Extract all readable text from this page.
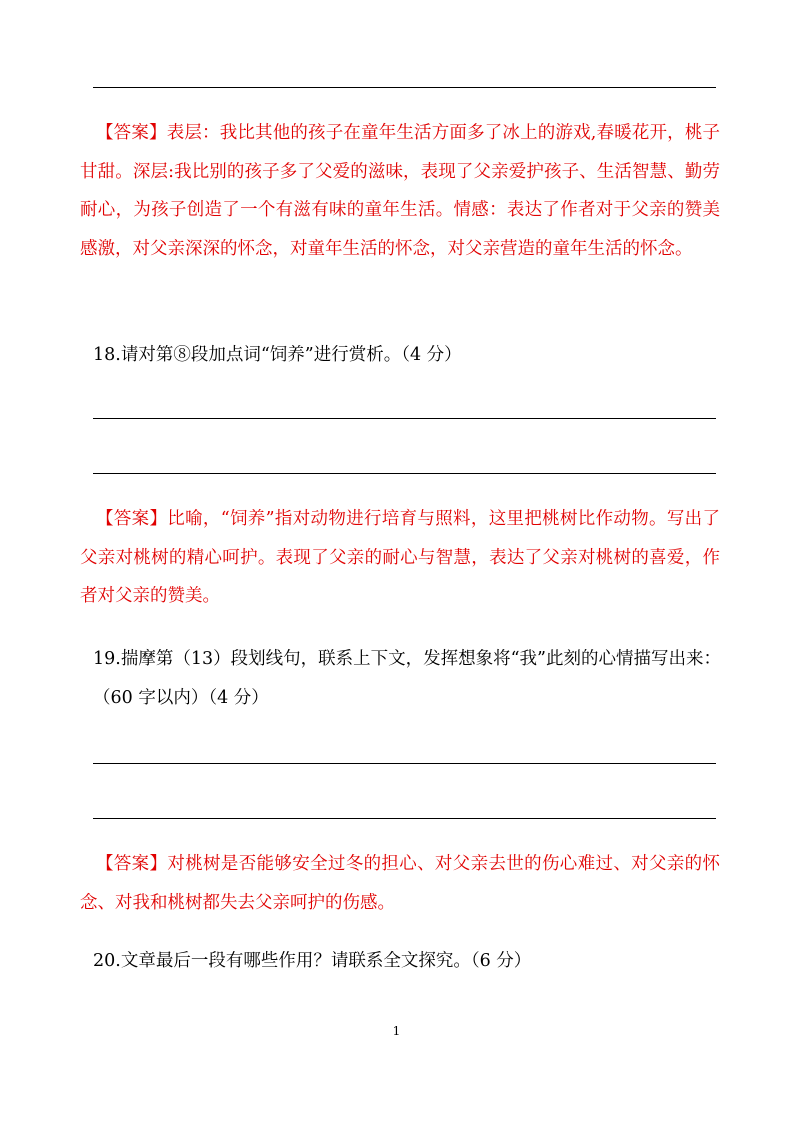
【答案】表层：我比其他的孩子在童年生活方面多了冰上的游戏,春暖花开，桃子甘甜。深层:我比别的孩子多了父爱的滋味，表现了父亲爱护孩子、生活智慧、勤劳耐心，为孩子创造了一个有滋有味的童年生活。情感：表达了作者对于父亲的赞美感激，对父亲深深的怀念，对童年生活的怀念，对父亲营造的童年生活的怀念。

18.请对第⑧段加点词“饲养”进行赏析。（4 分）

【答案】比喻，“饲养”指对动物进行培育与照料，这里把桃树比作动物。写出了父亲对桃树的精心呵护。表现了父亲的耐心与智慧，表达了父亲对桃树的喜爱，作者对父亲的赞美。

19.揣摩第（13）段划线句，联系上下文，发挥想象将“我”此刻的心情描写出来：（60 字以内）（4 分）

【答案】对桃树是否能够安全过冬的担心、对父亲去世的伤心难过、对父亲的怀念、对我和桃树都失去父亲呵护的伤感。

20.文章最后一段有哪些作用？请联系全文探究。（6 分）

1
